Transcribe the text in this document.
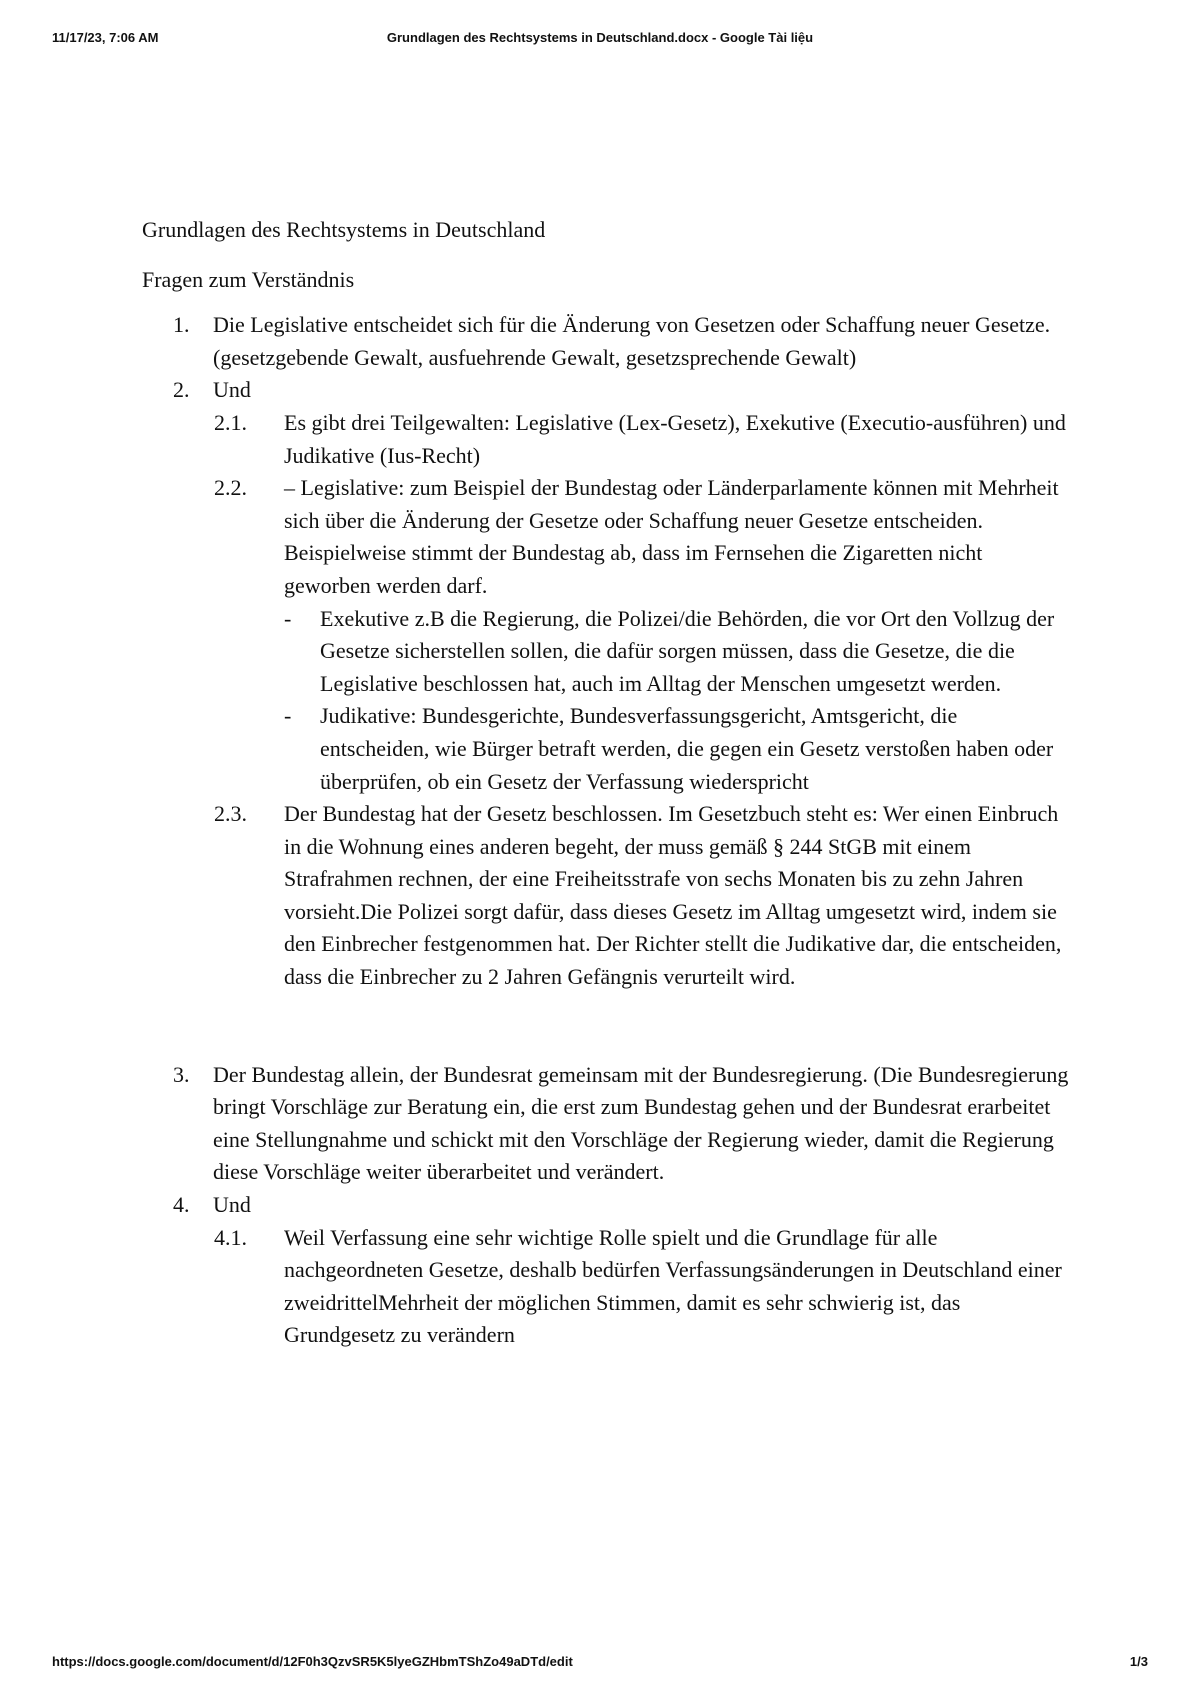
11/17/23, 7:06 AM	Grundlagen des Rechtsystems in Deutschland.docx - Google Tài liệu

Grundlagen des Rechtsystems in Deutschland

Fragen zum Verständnis

1. Die Legislative entscheidet sich für die Änderung von Gesetzen oder Schaffung neuer Gesetze. (gesetzgebende Gewalt, ausfuehrende Gewalt, gesetzsprechende Gewalt)
2. Und
2.1. Es gibt drei Teilgewalten: Legislative (Lex-Gesetz), Exekutive (Executio-ausführen) und Judikative (Ius-Recht)
2.2. – Legislative: zum Beispiel der Bundestag oder Länderparlamente können mit Mehrheit sich über die Änderung der Gesetze oder Schaffung neuer Gesetze entscheiden. Beispielweise stimmt der Bundestag ab, dass im Fernsehen die Zigaretten nicht geworben werden darf.
- Exekutive z.B die Regierung, die Polizei/die Behörden, die vor Ort den Vollzug der Gesetze sicherstellen sollen, die dafür sorgen müssen, dass die Gesetze, die die Legislative beschlossen hat, auch im Alltag der Menschen umgesetzt werden.
- Judikative: Bundesgerichte, Bundesverfassungsgericht, Amtsgericht, die entscheiden, wie Bürger betraft werden, die gegen ein Gesetz verstoßen haben oder überprüfen, ob ein Gesetz der Verfassung wiederspricht
2.3. Der Bundestag hat der Gesetz beschlossen. Im Gesetzbuch steht es: Wer einen Einbruch in die Wohnung eines anderen begeht, der muss gemäß § 244 StGB mit einem Strafrahmen rechnen, der eine Freiheitsstrafe von sechs Monaten bis zu zehn Jahren vorsieht.Die Polizei sorgt dafür, dass dieses Gesetz im Alltag umgesetzt wird, indem sie den Einbrecher festgenommen hat. Der Richter stellt die Judikative dar, die entscheiden, dass die Einbrecher zu 2 Jahren Gefängnis verurteilt wird.
3. Der Bundestag allein, der Bundesrat gemeinsam mit der Bundesregierung. (Die Bundesregierung bringt Vorschläge zur Beratung ein, die erst zum Bundestag gehen und der Bundesrat erarbeitet eine Stellungnahme und schickt mit den Vorschläge der Regierung wieder, damit die Regierung diese Vorschläge weiter überarbeitet und verändert.
4. Und
4.1. Weil Verfassung eine sehr wichtige Rolle spielt und die Grundlage für alle nachgeordneten Gesetze, deshalb bedürfen Verfassungsänderungen in Deutschland einer zweidrittelMehrheit der möglichen Stimmen, damit es sehr schwierig ist, das Grundgesetz zu verändern
https://docs.google.com/document/d/12F0h3QzvSR5K5lyeGZHbmTShZo49aDTd/edit	1/3
